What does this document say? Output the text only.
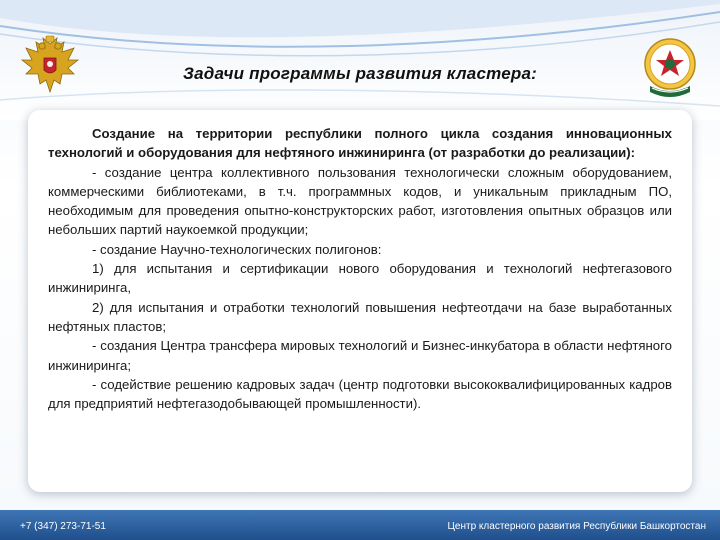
Задачи программы развития кластера:

Создание на территории республики полного цикла создания инновационных технологий и оборудования для нефтяного инжиниринга (от разработки до реализации):

- создание центра коллективного пользования технологически сложным оборудованием, коммерческими библиотеками, в т.ч. программных кодов, и уникальным прикладным ПО, необходимым для проведения опытно-конструкторских работ, изготовления опытных образцов или небольших партий наукоемкой продукции;

- создание Научно-технологических полигонов:

1) для испытания и сертификации нового оборудования и технологий нефтегазового инжиниринга,

2) для испытания и отработки технологий повышения нефтеотдачи на базе выработанных нефтяных пластов;

- создания Центра трансфера мировых технологий и Бизнес-инкубатора в области нефтяного инжиниринга;

- содействие решению кадровых задач (центр подготовки высококвалифицированных кадров для предприятий нефтегазодобывающей промышленности).

+7 (347) 273-71-51	Центр кластерного развития Республики Башкортостан
